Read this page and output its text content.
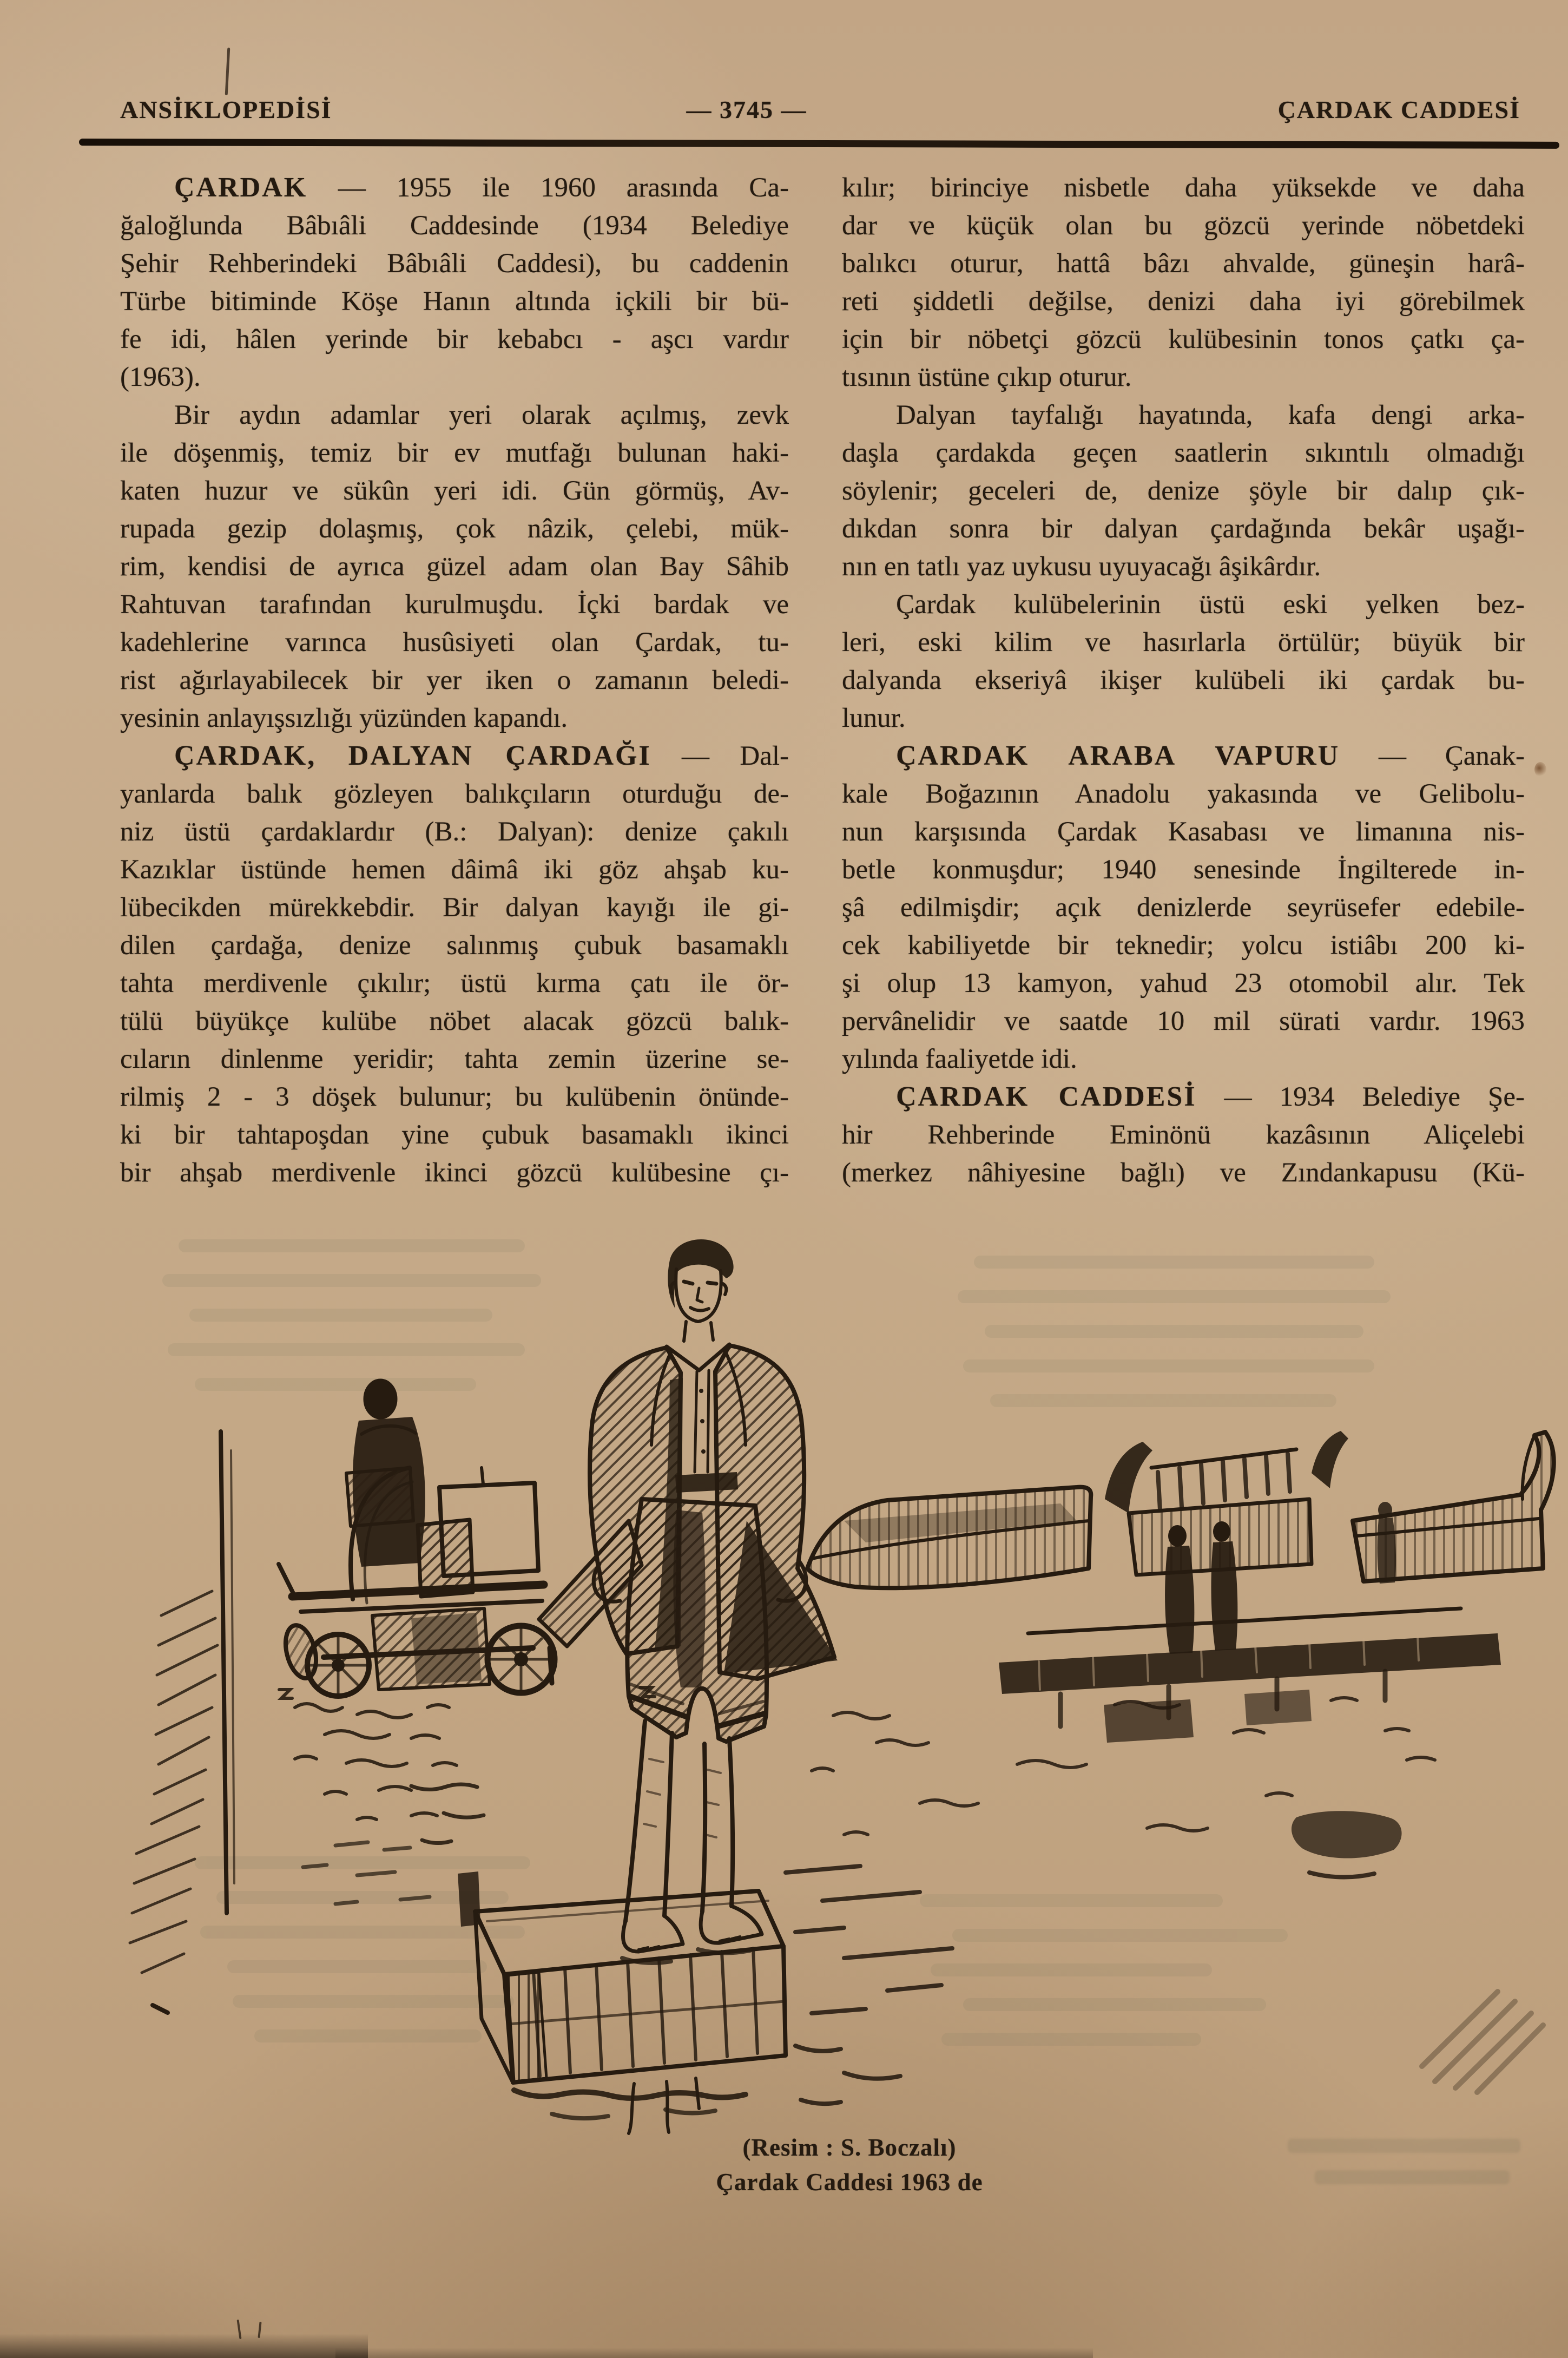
ANSİKLOPEDİSİ	— 3745 —	ÇARDAK CADDESİ
ÇARDAK — 1955 ile 1960 arasında Ca-
ğaloğlunda Bâbıâli Caddesinde (1934 Belediye
Şehir Rehberindeki Bâbıâli Caddesi), bu caddenin
Türbe bitiminde Köşe Hanın altında içkili bir bü-
fe idi, hâlen yerinde bir kebabcı - aşcı vardır
(1963).
Bir aydın adamlar yeri olarak açılmış, zevk
ile döşenmiş, temiz bir ev mutfağı bulunan haki-
katen huzur ve sükûn yeri idi. Gün görmüş, Av-
rupada gezip dolaşmış, çok nâzik, çelebi, mük-
rim, kendisi de ayrıca güzel adam olan Bay Sâhib
Rahtuvan tarafından kurulmuşdu. İçki bardak ve
kadehlerine varınca husûsiyeti olan Çardak, tu-
rist ağırlayabilecek bir yer iken o zamanın beledi-
yesinin anlayışsızlığı yüzünden kapandı.
ÇARDAK, DALYAN ÇARDAĞI — Dal-
yanlarda balık gözleyen balıkçıların oturduğu de-
niz üstü çardaklardır (B.: Dalyan): denize çakılı
Kazıklar üstünde hemen dâimâ iki göz ahşab ku-
lübecikden mürekkebdir. Bir dalyan kayığı ile gi-
dilen çardağa, denize salınmış çubuk basamaklı
tahta merdivenle çıkılır; üstü kırma çatı ile ör-
tülü büyükçe kulübe nöbet alacak gözcü balık-
cıların dinlenme yeridir; tahta zemin üzerine se-
rilmiş 2 - 3 döşek bulunur; bu kulübenin önünde-
ki bir tahtapoşdan yine çubuk basamaklı ikinci
bir ahşab merdivenle ikinci gözcü kulübesine çı-
kılır; birinciye nisbetle daha yüksekde ve daha
dar ve küçük olan bu gözcü yerinde nöbetdeki
balıkcı oturur, hattâ bâzı ahvalde, güneşin harâ-
reti şiddetli değilse, denizi daha iyi görebilmek
için bir nöbetçi gözcü kulübesinin tonos çatkı ça-
tısının üstüne çıkıp oturur.
Dalyan tayfalığı hayatında, kafa dengi arka-
daşla çardakda geçen saatlerin sıkıntılı olmadığı
söylenir; geceleri de, denize şöyle bir dalıp çık-
dıkdan sonra bir dalyan çardağında bekâr uşağı-
nın en tatlı yaz uykusu uyuyacağı âşikârdır.
Çardak kulübelerinin üstü eski yelken bez-
leri, eski kilim ve hasırlarla örtülür; büyük bir
dalyanda ekseriyâ ikişer kulübeli iki çardak bu-
lunur.
ÇARDAK ARABA VAPURU — Çanak-
kale Boğazının Anadolu yakasında ve Gelibolu-
nun karşısında Çardak Kasabası ve limanına nis-
betle konmuşdur; 1940 senesinde İngilterede in-
şâ edilmişdir; açık denizlerde seyrüsefer edebile-
cek kabiliyetde bir teknedir; yolcu istiâbı 200 ki-
şi olup 13 kamyon, yahud 23 otomobil alır. Tek
pervânelidir ve saatde 10 mil sürati vardır. 1963
yılında faaliyetde idi.
ÇARDAK CADDESİ — 1934 Belediye Şe-
hir Rehberinde Eminönü kazâsının Aliçelebi
(merkez nâhiyesine bağlı) ve Zındankapusu (Kü-
(Resim : S. Boczalı)
Çardak Caddesi 1963 de
